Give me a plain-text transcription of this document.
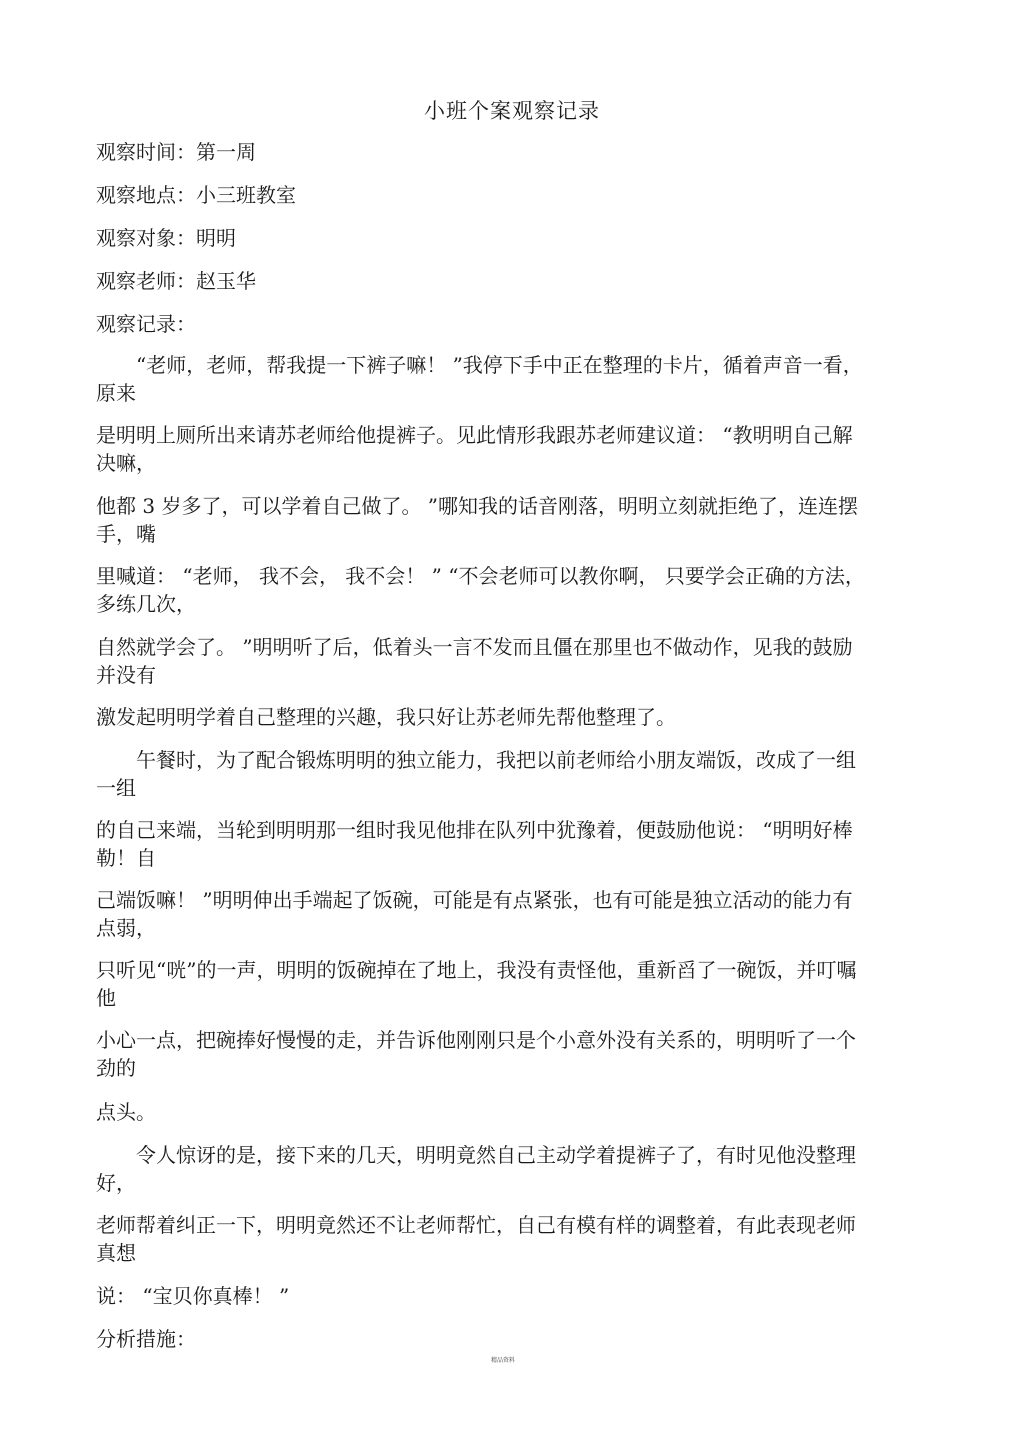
小班个案观察记录
观察时间：第一周
观察地点：小三班教室
观察对象：明明
观察老师：赵玉华
观察记录：
“老师，老师，帮我提一下裤子嘛！ ”我停下手中正在整理的卡片，循着声音一看，原来
是明明上厕所出来请苏老师给他提裤子。见此情形我跟苏老师建议道： “教明明自己解决嘛，
他都 3 岁多了，可以学着自己做了。 ”哪知我的话音刚落，明明立刻就拒绝了，连连摆手，嘴
里喊道： “老师， 我不会， 我不会！ ” “不会老师可以教你啊， 只要学会正确的方法， 多练几次，
自然就学会了。 ”明明听了后，低着头一言不发而且僵在那里也不做动作，见我的鼓励并没有
激发起明明学着自己整理的兴趣，我只好让苏老师先帮他整理了。
午餐时，为了配合锻炼明明的独立能力，我把以前老师给小朋友端饭，改成了一组一组
的自己来端，当轮到明明那一组时我见他排在队列中犹豫着，便鼓励他说： “明明好棒勒！自
己端饭嘛！ ”明明伸出手端起了饭碗，可能是有点紧张，也有可能是独立活动的能力有点弱，
只听见“咣”的一声，明明的饭碗掉在了地上，我没有责怪他，重新舀了一碗饭，并叮嘱他
小心一点，把碗捧好慢慢的走，并告诉他刚刚只是个小意外没有关系的，明明听了一个劲的
点头。
令人惊讶的是，接下来的几天，明明竟然自己主动学着提裤子了，有时见他没整理好，
老师帮着纠正一下，明明竟然还不让老师帮忙，自己有模有样的调整着，有此表现老师真想
说： “宝贝你真棒！ ”
分析措施：
精品资料
